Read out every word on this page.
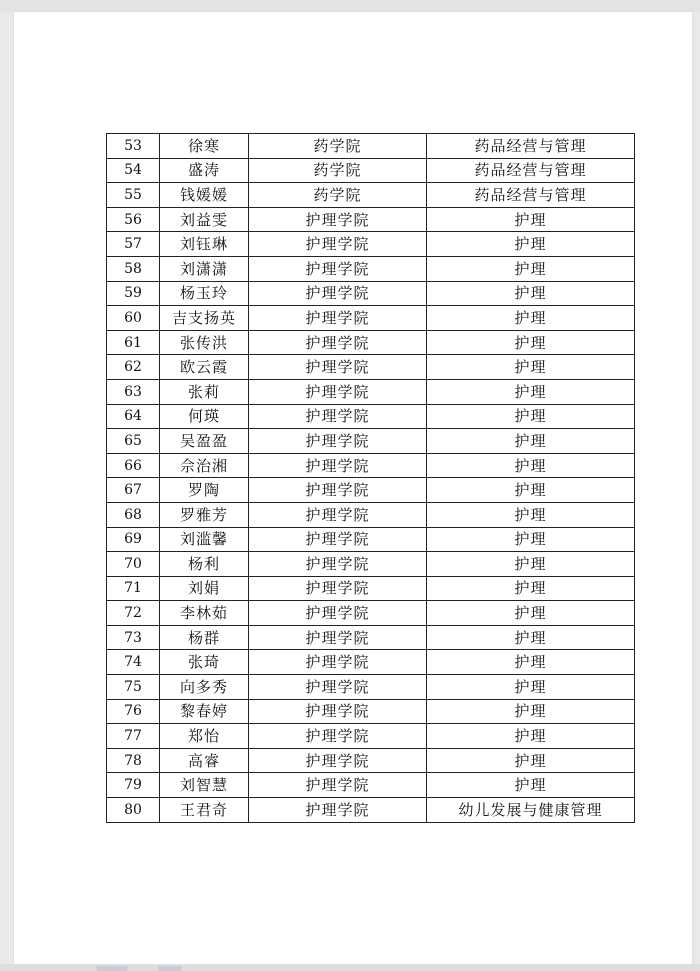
53	徐寒	药学院	药品经营与管理
54	盛涛	药学院	药品经营与管理
55	钱媛媛	药学院	药品经营与管理
56	刘益雯	护理学院	护理
57	刘钰琳	护理学院	护理
58	刘潇潇	护理学院	护理
59	杨玉玲	护理学院	护理
60	吉支扬英	护理学院	护理
61	张传洪	护理学院	护理
62	欧云霞	护理学院	护理
63	张莉	护理学院	护理
64	何瑛	护理学院	护理
65	吴盈盈	护理学院	护理
66	佘治湘	护理学院	护理
67	罗陶	护理学院	护理
68	罗雅芳	护理学院	护理
69	刘滥馨	护理学院	护理
70	杨利	护理学院	护理
71	刘娟	护理学院	护理
72	李林茹	护理学院	护理
73	杨群	护理学院	护理
74	张琦	护理学院	护理
75	向多秀	护理学院	护理
76	黎春婷	护理学院	护理
77	郑怡	护理学院	护理
78	高睿	护理学院	护理
79	刘智慧	护理学院	护理
80	王君奇	护理学院	幼儿发展与健康管理
